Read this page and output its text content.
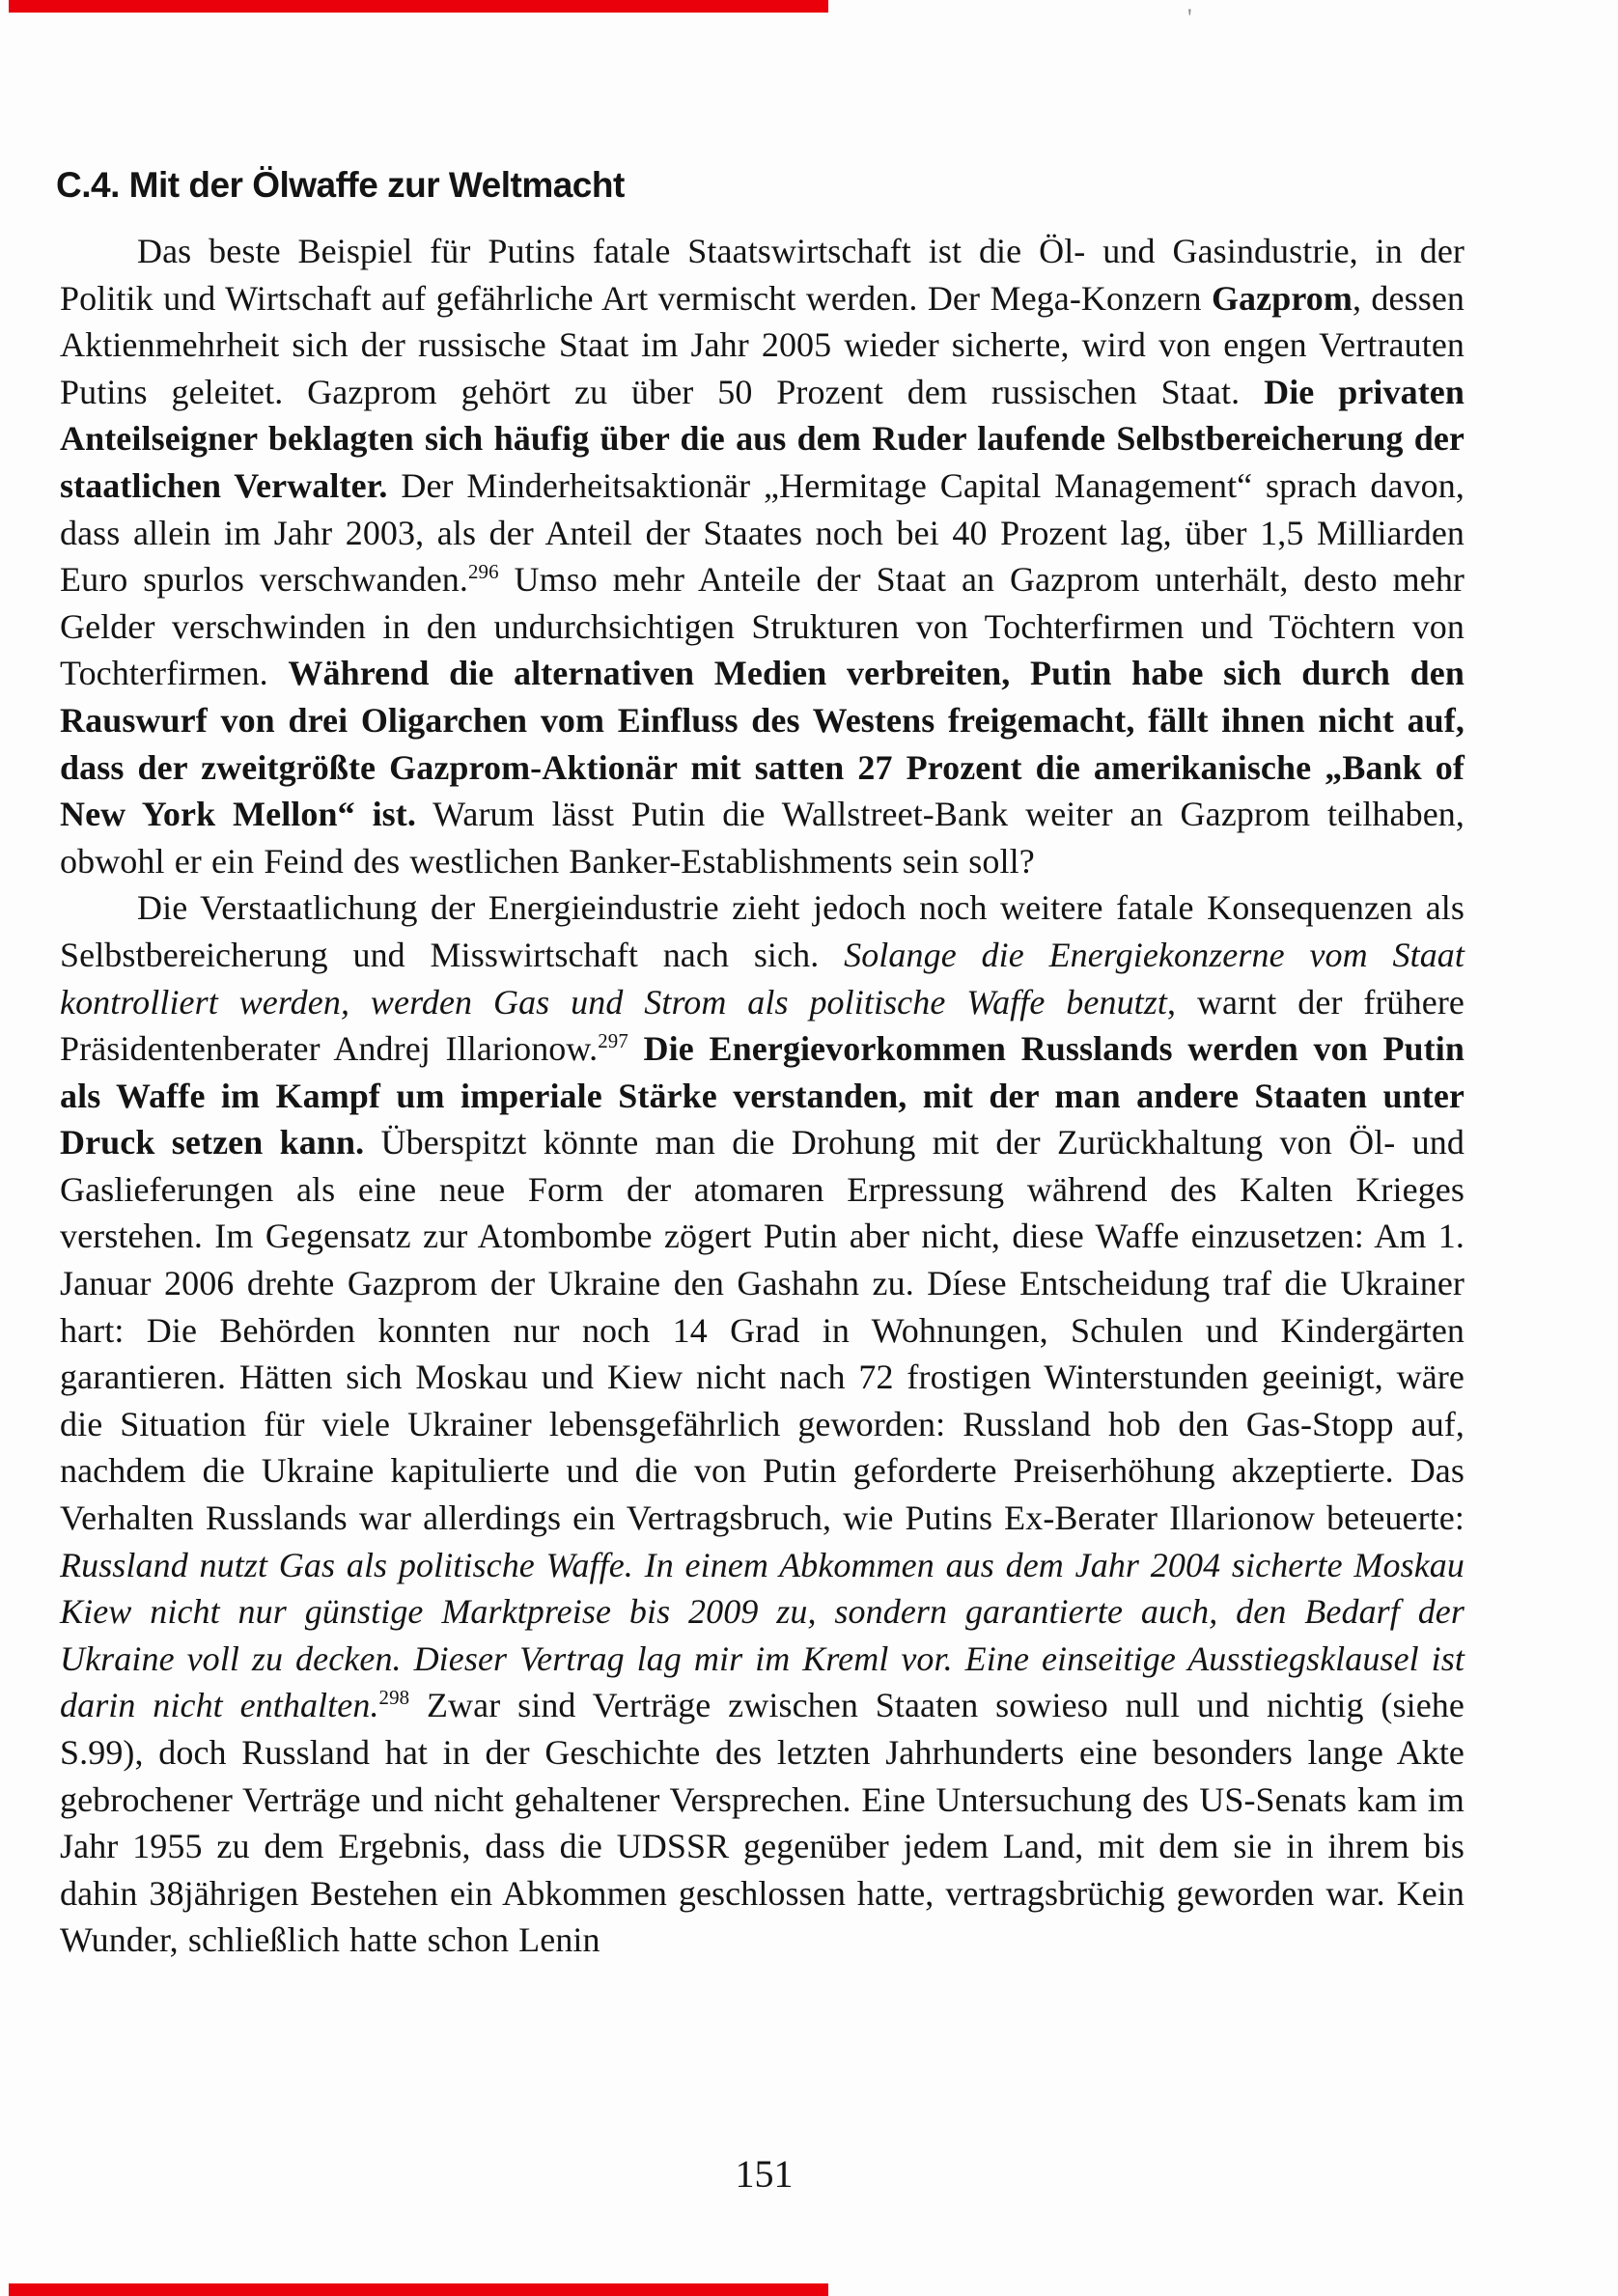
'
C.4. Mit der Ölwaffe zur Weltmacht

Das beste Beispiel für Putins fatale Staatswirtschaft ist die Öl- und Gasindustrie, in der Politik und Wirtschaft auf gefährliche Art vermischt werden. Der Mega-Konzern Gazprom, dessen Aktienmehrheit sich der russische Staat im Jahr 2005 wieder sicherte, wird von engen Vertrauten Putins geleitet. Gazprom gehört zu über 50 Prozent dem russischen Staat. Die privaten Anteilseigner beklagten sich häufig über die aus dem Ruder laufende Selbstbereicherung der staatlichen Verwalter. Der Minderheitsaktionär „Hermitage Capital Management“ sprach davon, dass allein im Jahr 2003, als der Anteil der Staates noch bei 40 Prozent lag, über 1,5 Milliarden Euro spurlos verschwanden.$^{296}$ Umso mehr Anteile der Staat an Gazprom unterhält, desto mehr Gelder verschwinden in den undurchsichtigen Strukturen von Tochterfirmen und Töchtern von Tochterfirmen. Während die alternativen Medien verbreiten, Putin habe sich durch den Rauswurf von drei Oligarchen vom Einfluss des Westens freigemacht, fällt ihnen nicht auf, dass der zweitgrößte Gazprom-Aktionär mit satten 27 Prozent die amerikanische „Bank of New York Mellon“ ist. Warum lässt Putin die Wallstreet-Bank weiter an Gazprom teilhaben, obwohl er ein Feind des westlichen Banker-Establishments sein soll?

Die Verstaatlichung der Energieindustrie zieht jedoch noch weitere fatale Konsequenzen als Selbstbereicherung und Misswirtschaft nach sich. Solange die Energiekonzerne vom Staat kontrolliert werden, werden Gas und Strom als politische Waffe benutzt, warnt der frühere Präsidentenberater Andrej Illarionow.$^{297}$ Die Energievorkommen Russlands werden von Putin als Waffe im Kampf um imperiale Stärke verstanden, mit der man andere Staaten unter Druck setzen kann. Überspitzt könnte man die Drohung mit der Zurückhaltung von Öl- und Gaslieferungen als eine neue Form der atomaren Erpressung während des Kalten Krieges verstehen. Im Gegensatz zur Atombombe zögert Putin aber nicht, diese Waffe einzusetzen: Am 1. Januar 2006 drehte Gazprom der Ukraine den Gashahn zu. Díese Entscheidung traf die Ukrainer hart: Die Behörden konnten nur noch 14 Grad in Wohnungen, Schulen und Kindergärten garantieren. Hätten sich Moskau und Kiew nicht nach 72 frostigen Winterstunden geeinigt, wäre die Situation für viele Ukrainer lebensgefährlich geworden: Russland hob den Gas-Stopp auf, nachdem die Ukraine kapitulierte und die von Putin geforderte Preiserhöhung akzeptierte. Das Verhalten Russlands war allerdings ein Vertragsbruch, wie Putins Ex-Berater Illarionow beteuerte: Russland nutzt Gas als politische Waffe. In einem Abkommen aus dem Jahr 2004 sicherte Moskau Kiew nicht nur günstige Marktpreise bis 2009 zu, sondern garantierte auch, den Bedarf der Ukraine voll zu decken. Dieser Vertrag lag mir im Kreml vor. Eine einseitige Ausstiegsklausel ist darin nicht enthalten.$^{298}$ Zwar sind Verträge zwischen Staaten sowieso null und nichtig (siehe S.99), doch Russland hat in der Geschichte des letzten Jahrhunderts eine besonders lange Akte gebrochener Verträge und nicht gehaltener Versprechen. Eine Untersuchung des US-Senats kam im Jahr 1955 zu dem Ergebnis, dass die UDSSR gegenüber jedem Land, mit dem sie in ihrem bis dahin 38jährigen Bestehen ein Abkommen geschlossen hatte, vertragsbrüchig geworden war. Kein Wunder, schließlich hatte schon Lenin

151
